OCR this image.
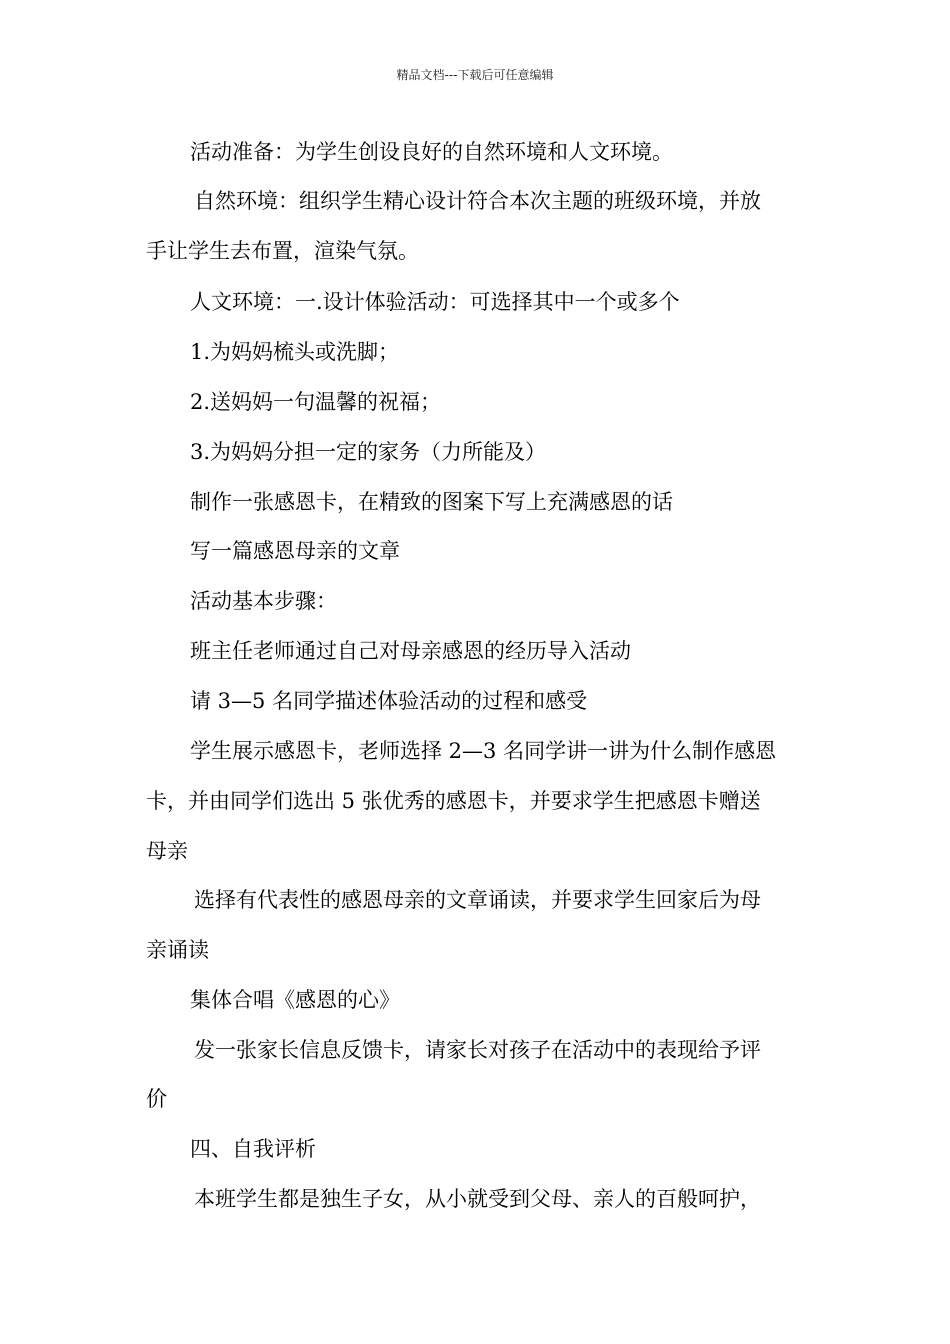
精品文档---下载后可任意编辑
活动准备：为学生创设良好的自然环境和人文环境。
自然环境：组织学生精心设计符合本次主题的班级环境，并放
手让学生去布置，渲染气氛。
人文环境：一.设计体验活动：可选择其中一个或多个
1.为妈妈梳头或洗脚；
2.送妈妈一句温馨的祝福；
3.为妈妈分担一定的家务（力所能及）
制作一张感恩卡，在精致的图案下写上充满感恩的话
写一篇感恩母亲的文章
活动基本步骤：
班主任老师通过自己对母亲感恩的经历导入活动
请 3—5 名同学描述体验活动的过程和感受
学生展示感恩卡，老师选择 2—3 名同学讲一讲为什么制作感恩
卡，并由同学们选出 5 张优秀的感恩卡，并要求学生把感恩卡赠送
母亲
选择有代表性的感恩母亲的文章诵读，并要求学生回家后为母
亲诵读
集体合唱《感恩的心》
发一张家长信息反馈卡，请家长对孩子在活动中的表现给予评
价
四、自我评析
本班学生都是独生子女，从小就受到父母、亲人的百般呵护，
